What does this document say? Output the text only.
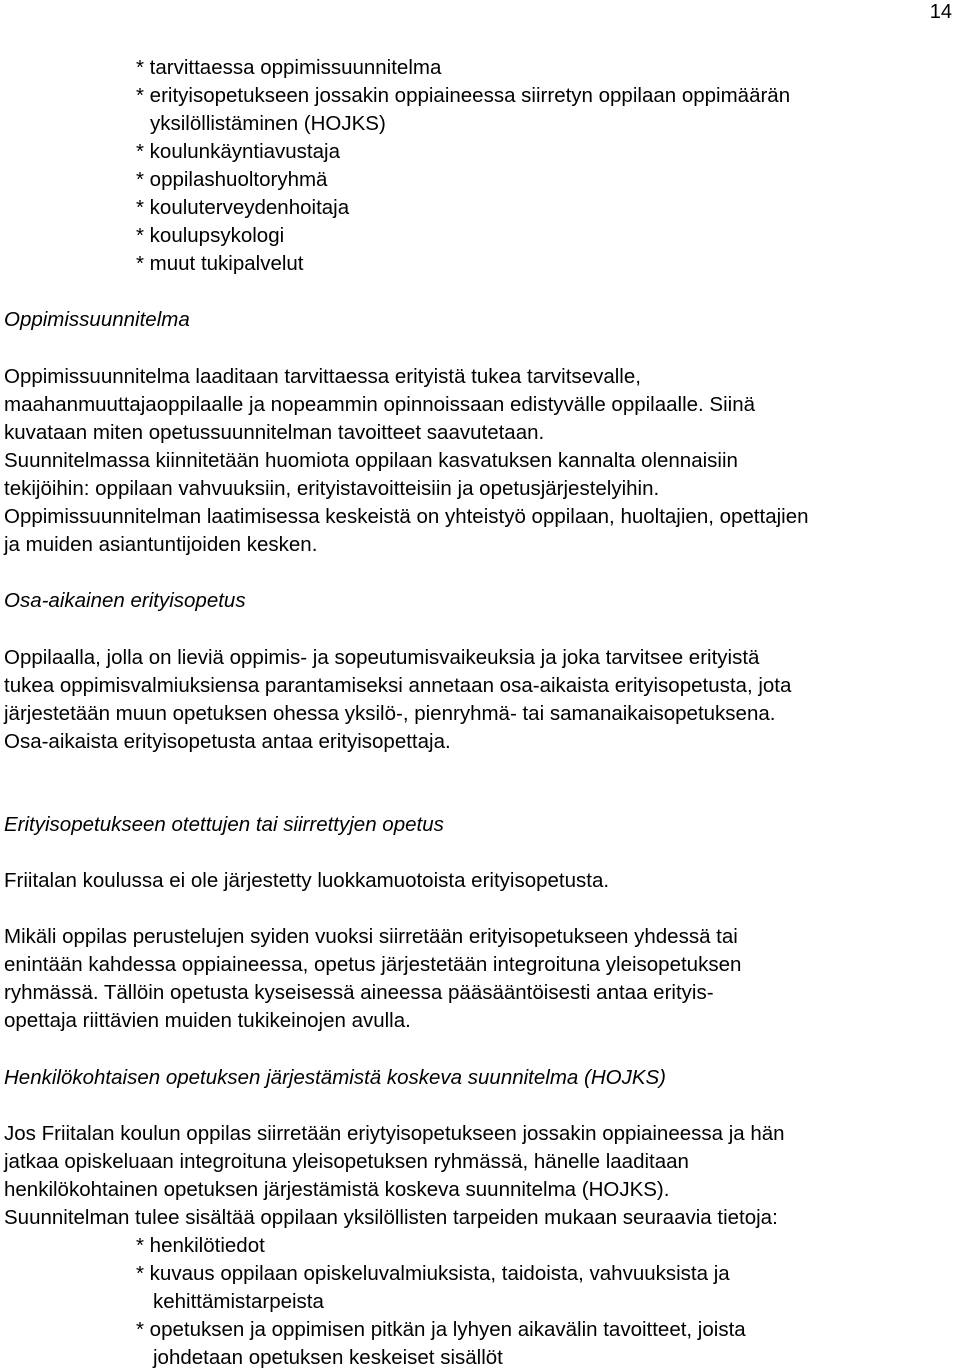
14

* tarvittaessa oppimissuunnitelma

* erityisopetukseen jossakin oppiaineessa siirretyn oppilaan oppimäärän

yksilöllistäminen (HOJKS)

* koulunkäyntiavustaja

* oppilashuoltoryhmä

* kouluterveydenhoitaja

* koulupsykologi

* muut tukipalvelut

Oppimissuunnitelma

Oppimissuunnitelma laaditaan tarvittaessa erityistä tukea tarvitsevalle,

maahanmuuttajaoppilaalle ja nopeammin opinnoissaan edistyvälle oppilaalle. Siinä

kuvataan miten opetussuunnitelman tavoitteet saavutetaan.

Suunnitelmassa kiinnitetään huomiota oppilaan kasvatuksen kannalta olennaisiin

tekijöihin: oppilaan vahvuuksiin, erityistavoitteisiin ja opetusjärjestelyihin.

Oppimissuunnitelman laatimisessa keskeistä on yhteistyö oppilaan, huoltajien, opettajien

ja muiden asiantuntijoiden kesken.

Osa-aikainen erityisopetus

Oppilaalla, jolla on lieviä oppimis- ja sopeutumisvaikeuksia ja joka tarvitsee erityistä

tukea oppimisvalmiuksiensa parantamiseksi annetaan osa-aikaista erityisopetusta, jota

järjestetään muun opetuksen ohessa yksilö-, pienryhmä- tai samanaikaisopetuksena.

Osa-aikaista erityisopetusta antaa erityisopettaja.

Erityisopetukseen otettujen tai siirrettyjen opetus

Friitalan koulussa ei ole järjestetty luokkamuotoista erityisopetusta.

Mikäli oppilas perustelujen syiden vuoksi siirretään erityisopetukseen yhdessä tai

enintään kahdessa oppiaineessa, opetus järjestetään integroituna yleisopetuksen

ryhmässä. Tällöin opetusta kyseisessä aineessa pääsääntöisesti antaa erityis-

opettaja riittävien muiden tukikeinojen avulla.

Henkilökohtaisen opetuksen järjestämistä koskeva suunnitelma (HOJKS)

Jos Friitalan koulun oppilas siirretään eriytyisopetukseen jossakin oppiaineessa ja hän

jatkaa opiskeluaan integroituna yleisopetuksen ryhmässä, hänelle laaditaan

henkilökohtainen opetuksen järjestämistä koskeva suunnitelma (HOJKS).

Suunnitelman tulee sisältää oppilaan yksilöllisten tarpeiden mukaan seuraavia tietoja:

* henkilötiedot

* kuvaus oppilaan opiskeluvalmiuksista, taidoista, vahvuuksista ja

kehittämistarpeista

* opetuksen ja oppimisen pitkän ja lyhyen aikavälin tavoitteet, joista

johdetaan opetuksen keskeiset sisällöt
